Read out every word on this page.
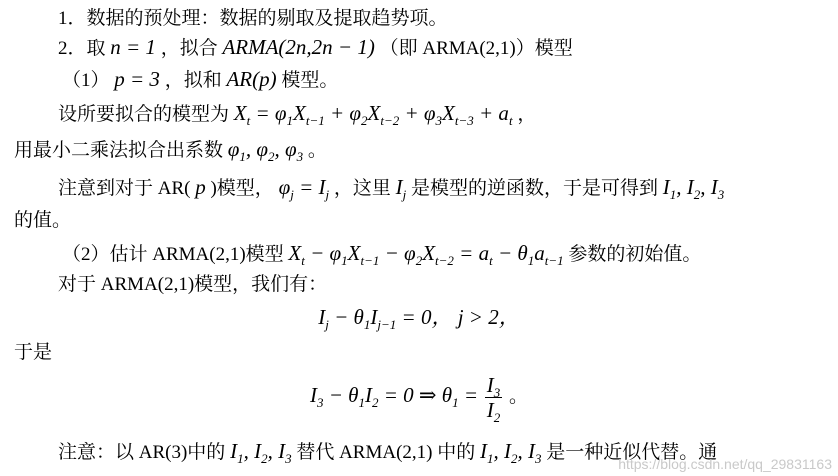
1．数据的预处理：数据的剔取及提取趋势项。
2．取 n = 1 ，拟合 ARMA(2n,2n − 1) （即 ARMA(2,1)）模型
（1） p = 3 ，拟和 AR(p) 模型。
设所要拟合的模型为 $X_t = \varphi_1X_{t-1} + \varphi_2X_{t-2} + \varphi_3X_{t-3} + a_t$ ，
用最小二乘法拟合出系数 $\varphi_1$, $\varphi_2$, $\varphi_3$ 。
注意到对于 AR( p )模型， $\varphi_j = I_j$ ，这里 $I_j$ 是模型的逆函数，于是可得到 $I_1$, $I_2$, $I_3$
的值。
（2）估计 ARMA(2,1)模型 $X_t - \varphi_1X_{t-1} - \varphi_2X_{t-2} = a_t - \theta_1a_{t-1}$ 参数的初始值。
对于 ARMA(2,1)模型，我们有：
$I_j - \theta_1I_{j-1} = 0$， j > 2，
于是
$I_3 - \theta_1I_2 = 0$ ⇒ $\theta_1 = \frac{I_3}{I_2}$ 。
注意：以 AR(3)中的 $I_1$, $I_2$, $I_3$ 替代 ARMA(2,1) 中的 $I_1$, $I_2$, $I_3$ 是一种近似代替。通
https://blog.csdn.net/qq_29831163
